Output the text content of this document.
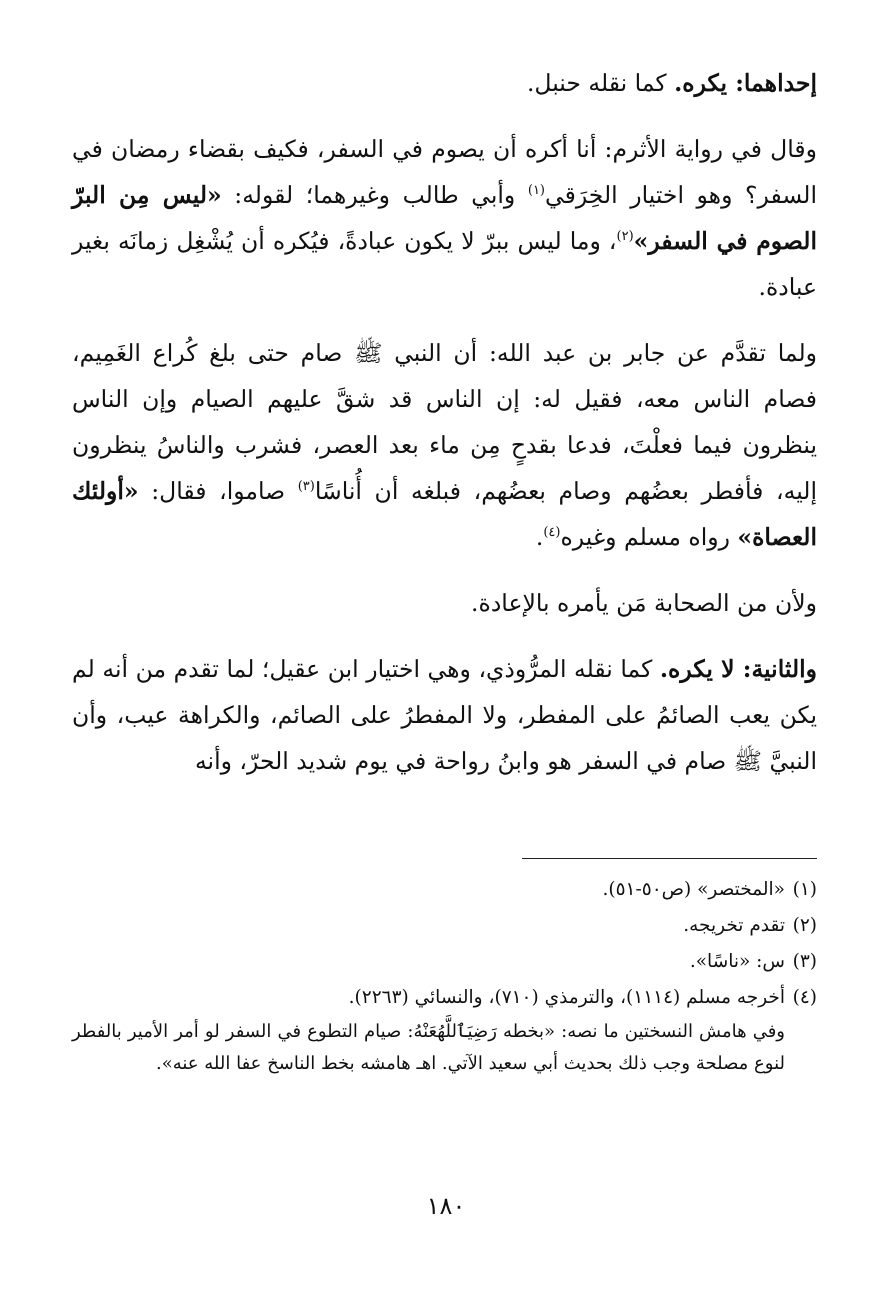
إحداهما: يكره. كما نقله حنبل.

وقال في رواية الأثرم: أنا أكره أن يصوم في السفر، فكيف بقضاء رمضان في السفر؟ وهو اختيار الخِرَقي$^{(١)}$ وأبي طالب وغيرهما؛ لقوله: «ليس مِن البرّ الصوم في السفر»$^{(٢)}$، وما ليس ببرّ لا يكون عبادةً، فيُكره أن يُشْغِل زمانَه بغير عبادة.

ولما تقدَّم عن جابر بن عبد الله: أن النبي ﷺ صام حتى بلغ كُراع الغَمِيم، فصام الناس معه، فقيل له: إن الناس قد شقَّ عليهم الصيام وإن الناس ينظرون فيما فعلْتَ، فدعا بقدحٍ مِن ماء بعد العصر، فشرب والناسُ ينظرون إليه، فأفطر بعضُهم وصام بعضُهم، فبلغه أن أُناسًا$^{(٣)}$ صاموا، فقال: «أولئك العصاة» رواه مسلم وغيره$^{(٤)}$.

ولأن من الصحابة مَن يأمره بالإعادة.

والثانية: لا يكره. كما نقله المرُّوذي، وهي اختيار ابن عقيل؛ لما تقدم من أنه لم يكن يعب الصائمُ على المفطر، ولا المفطرُ على الصائم، والكراهة عيب، وأن النبيَّ ﷺ صام في السفر هو وابنُ رواحة في يوم شديد الحرّ، وأنه

(١)
«المختصر» (ص٥٠-٥١).
(٢)
تقدم تخريجه.
(٣)
س: «ناسًا».
(٤)
أخرجه مسلم (١١١٤)، والترمذي (٧١٠)، والنسائي (٢٢٦٣).
وفي هامش النسختين ما نصه: «بخطه رَضِيَٱللَّهُعَنْهُ: صيام التطوع في السفر لو أمر الأمير بالفطر لنوع مصلحة وجب ذلك بحديث أبي سعيد الآتي. اهـ هامشه بخط الناسخ عفا الله عنه».
١٨٠
